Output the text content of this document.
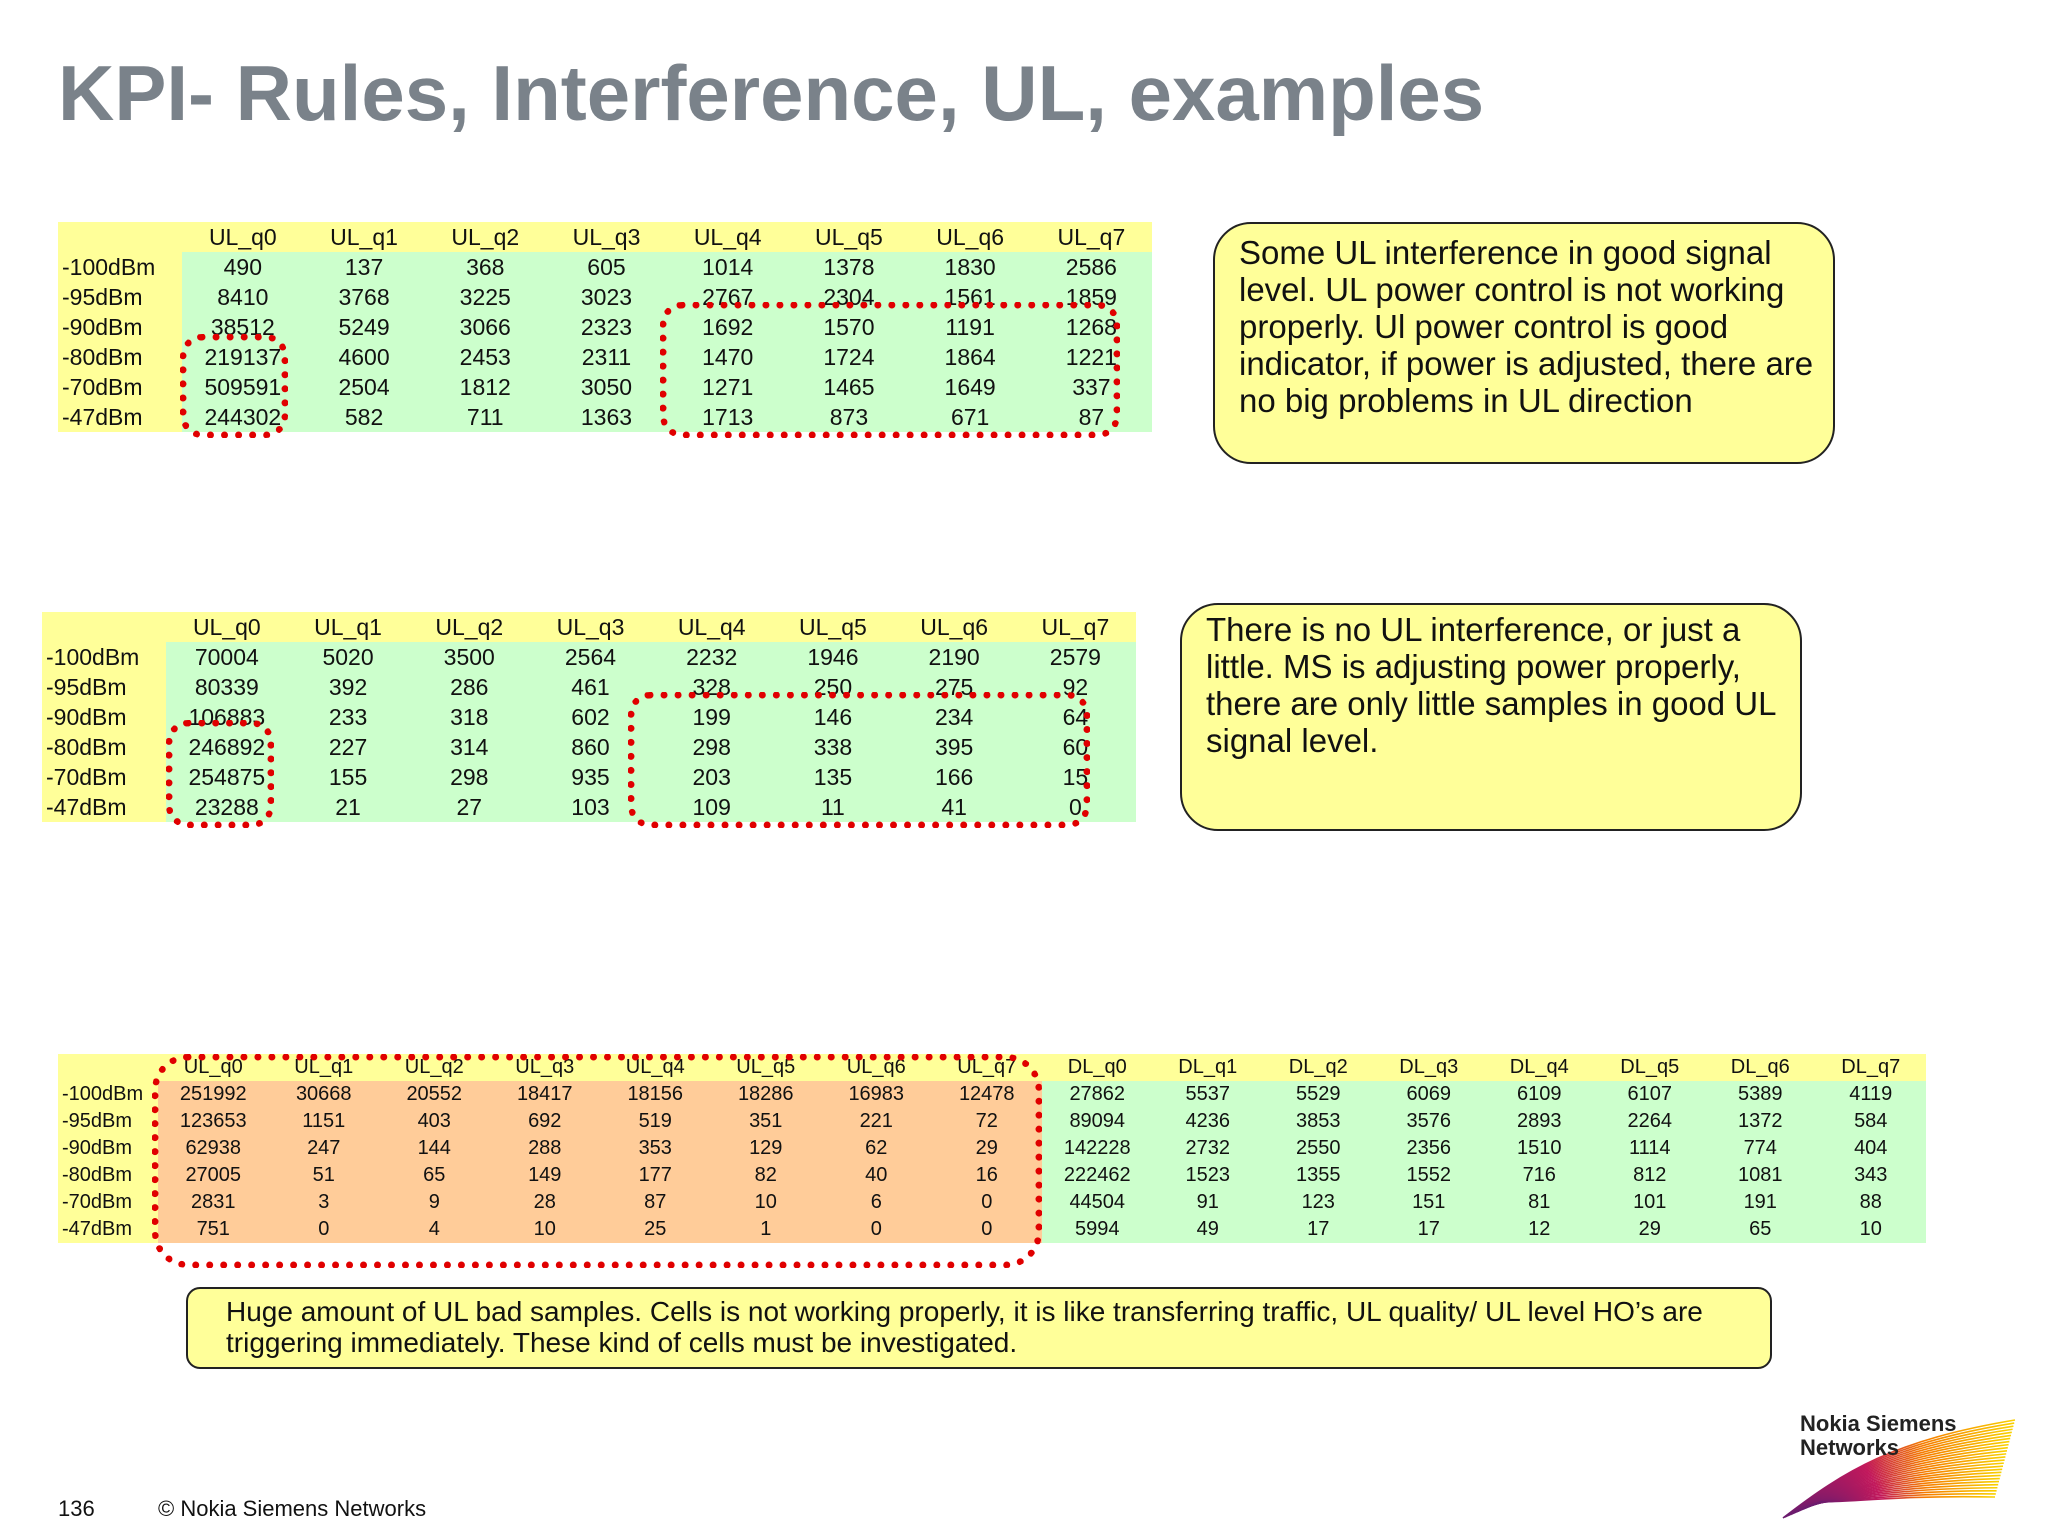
KPI- Rules, Interference, UL, examples
	UL_q0	UL_q1	UL_q2	UL_q3	UL_q4	UL_q5	UL_q6	UL_q7
-100dBm	490	137	368	605	1014	1378	1830	2586
-95dBm	8410	3768	3225	3023	2767	2304	1561	1859
-90dBm	38512	5249	3066	2323	1692	1570	1191	1268
-80dBm	219137	4600	2453	2311	1470	1724	1864	1221
-70dBm	509591	2504	1812	3050	1271	1465	1649	337
-47dBm	244302	582	711	1363	1713	873	671	87
	UL_q0	UL_q1	UL_q2	UL_q3	UL_q4	UL_q5	UL_q6	UL_q7
-100dBm	70004	5020	3500	2564	2232	1946	2190	2579
-95dBm	80339	392	286	461	328	250	275	92
-90dBm	106883	233	318	602	199	146	234	64
-80dBm	246892	227	314	860	298	338	395	60
-70dBm	254875	155	298	935	203	135	166	15
-47dBm	23288	21	27	103	109	11	41	0
	UL_q0	UL_q1	UL_q2	UL_q3	UL_q4	UL_q5	UL_q6	UL_q7	DL_q0	DL_q1	DL_q2	DL_q3	DL_q4	DL_q5	DL_q6	DL_q7
-100dBm	251992	30668	20552	18417	18156	18286	16983	12478	27862	5537	5529	6069	6109	6107	5389	4119
-95dBm	123653	1151	403	692	519	351	221	72	89094	4236	3853	3576	2893	2264	1372	584
-90dBm	62938	247	144	288	353	129	62	29	142228	2732	2550	2356	1510	1114	774	404
-80dBm	27005	51	65	149	177	82	40	16	222462	1523	1355	1552	716	812	1081	343
-70dBm	2831	3	9	28	87	10	6	0	44504	91	123	151	81	101	191	88
-47dBm	751	0	4	10	25	1	0	0	5994	49	17	17	12	29	65	10
Some UL interference in good signal level. UL power control is not working properly. Ul power control is good indicator, if power is adjusted, there are no big problems in UL direction
There is no UL interference, or just a little. MS is adjusting power properly, there are only little samples in good UL signal level.
Huge amount of UL bad samples. Cells is not working properly, it is like transferring traffic, UL quality/ UL level HO’s are triggering immediately. These kind of cells must be investigated.
136	© Nokia Siemens Networks
Nokia Siemens
Networks
